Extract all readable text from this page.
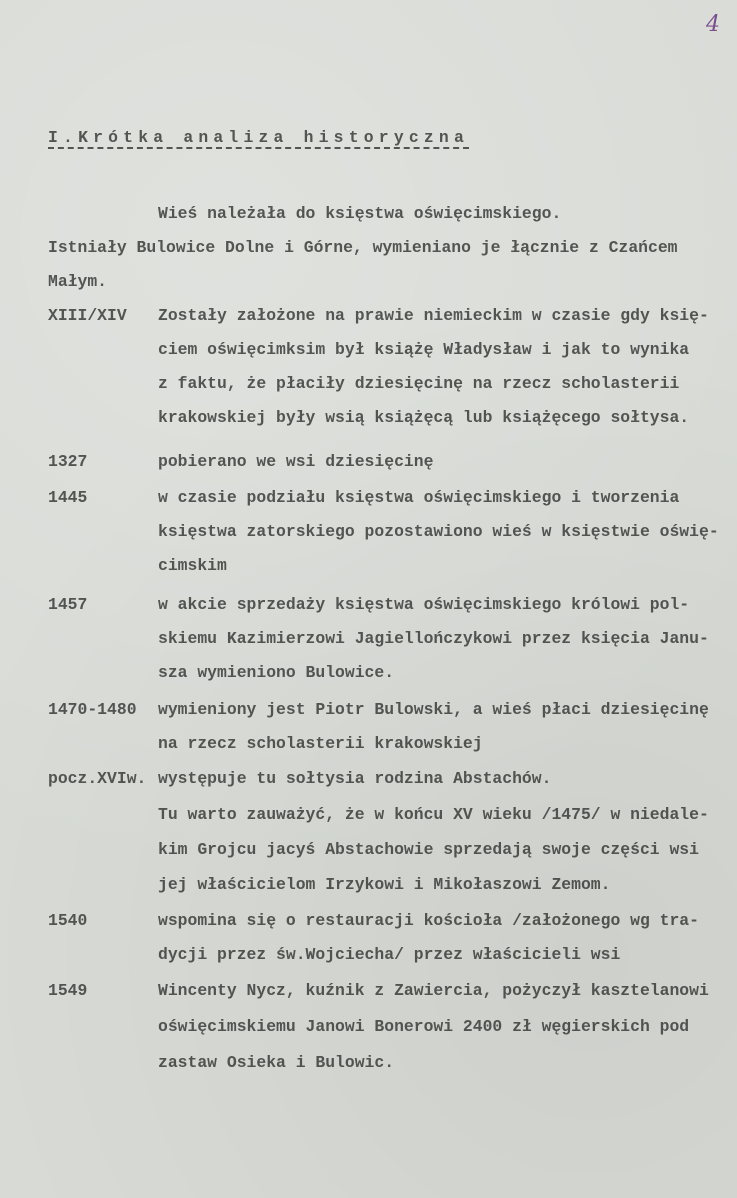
4
I.Krótka analiza historyczna
Wieś należała do księstwa oświęcimskiego.
Istniały Bulowice Dolne i Górne, wymieniano je łącznie z Czańcem
Małym.
XIII/XIV Zostały założone na prawie niemieckim w czasie gdy księ-
ciem oświęcimksim był książę Władysław i jak to wynika
z faktu, że płaciły dziesięcinę na rzecz scholasterii
krakowskiej były wsią książęcą lub książęcego sołtysa.
1327	pobierano we wsi dziesięcinę
1445	w czasie podziału księstwa oświęcimskiego i tworzenia
księstwa zatorskiego pozostawiono wieś w księstwie oświę-
cimskim
1457	w akcie sprzedaży księstwa oświęcimskiego królowi pol-
skiemu Kazimierzowi Jagiellończykowi przez księcia Janu-
sza wymieniono Bulowice.
1470-1480 wymieniony jest Piotr Bulowski, a wieś płaci dziesięcinę
na rzecz scholasterii krakowskiej
pocz.XVIw. występuje tu sołtysia rodzina Abstachów.
Tu warto zauważyć, że w końcu XV wieku /1475/ w niedale-
kim Grojcu jacyś Abstachowie sprzedają swoje części wsi
jej właścicielom Irzykowi i Mikołaszowi Zemom.
1540	wspomina się o restauracji kościoła /założonego wg tra-
dycji przez św.Wojciecha/ przez właścicieli wsi
1549	Wincenty Nycz, kuźnik z Zawiercia, pożyczył kasztelanowi
oświęcimskiemu Janowi Bonerowi 2400 zł węgierskich pod
zastaw Osieka i Bulowic.
